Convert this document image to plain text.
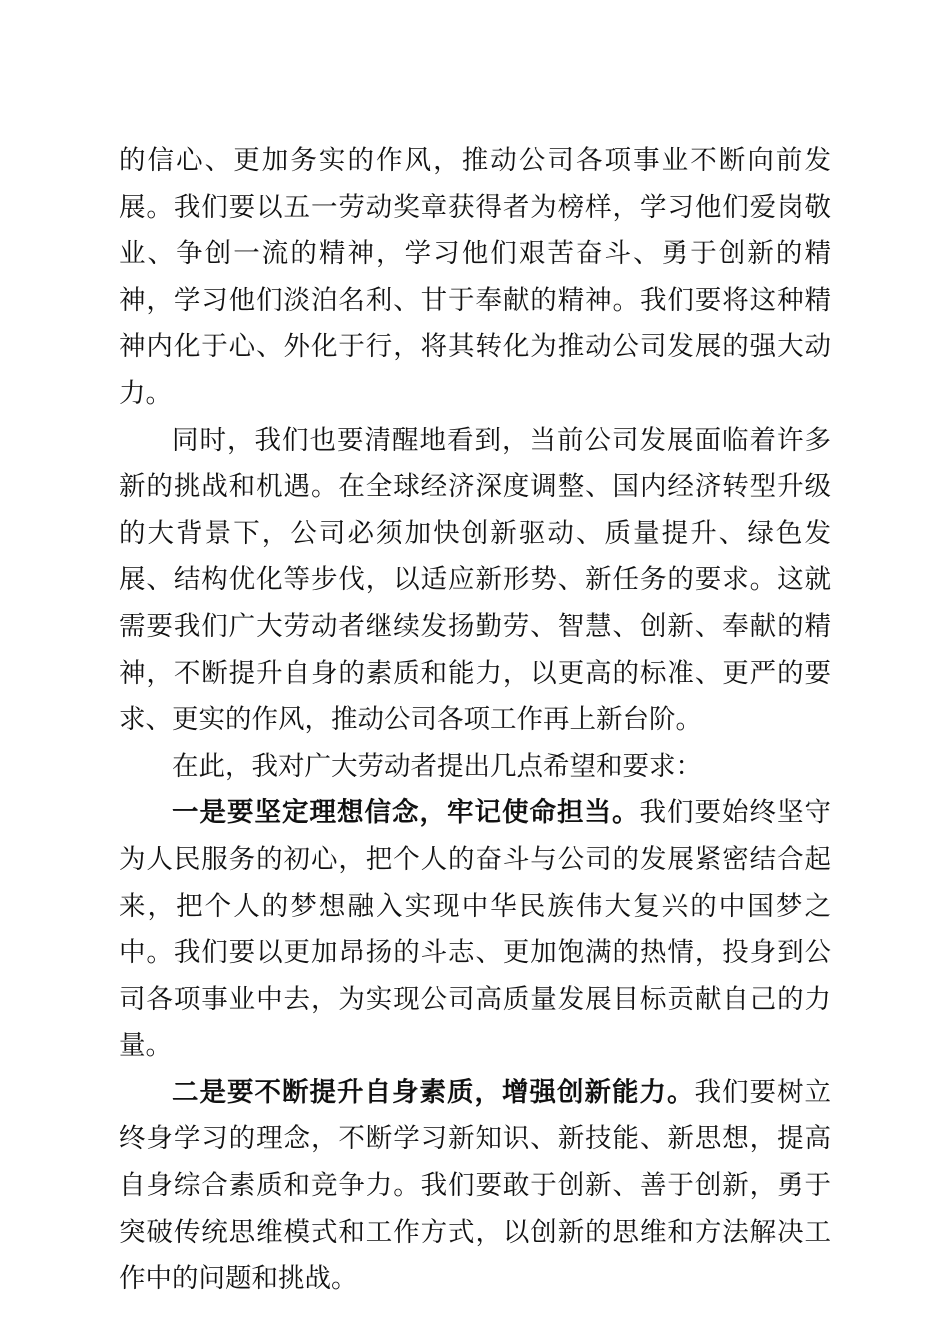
的信心、更加务实的作风，推动公司各项事业不断向前发展。我们要以五一劳动奖章获得者为榜样，学习他们爱岗敬业、争创一流的精神，学习他们艰苦奋斗、勇于创新的精神，学习他们淡泊名利、甘于奉献的精神。我们要将这种精神内化于心、外化于行，将其转化为推动公司发展的强大动力。

同时，我们也要清醒地看到，当前公司发展面临着许多新的挑战和机遇。在全球经济深度调整、国内经济转型升级的大背景下，公司必须加快创新驱动、质量提升、绿色发展、结构优化等步伐，以适应新形势、新任务的要求。这就需要我们广大劳动者继续发扬勤劳、智慧、创新、奉献的精神，不断提升自身的素质和能力，以更高的标准、更严的要求、更实的作风，推动公司各项工作再上新台阶。

在此，我对广大劳动者提出几点希望和要求：

一是要坚定理想信念，牢记使命担当。我们要始终坚守为人民服务的初心，把个人的奋斗与公司的发展紧密结合起来，把个人的梦想融入实现中华民族伟大复兴的中国梦之中。我们要以更加昂扬的斗志、更加饱满的热情，投身到公司各项事业中去，为实现公司高质量发展目标贡献自己的力量。

二是要不断提升自身素质，增强创新能力。我们要树立终身学习的理念，不断学习新知识、新技能、新思想，提高自身综合素质和竞争力。我们要敢于创新、善于创新，勇于突破传统思维模式和工作方式，以创新的思维和方法解决工作中的问题和挑战。
